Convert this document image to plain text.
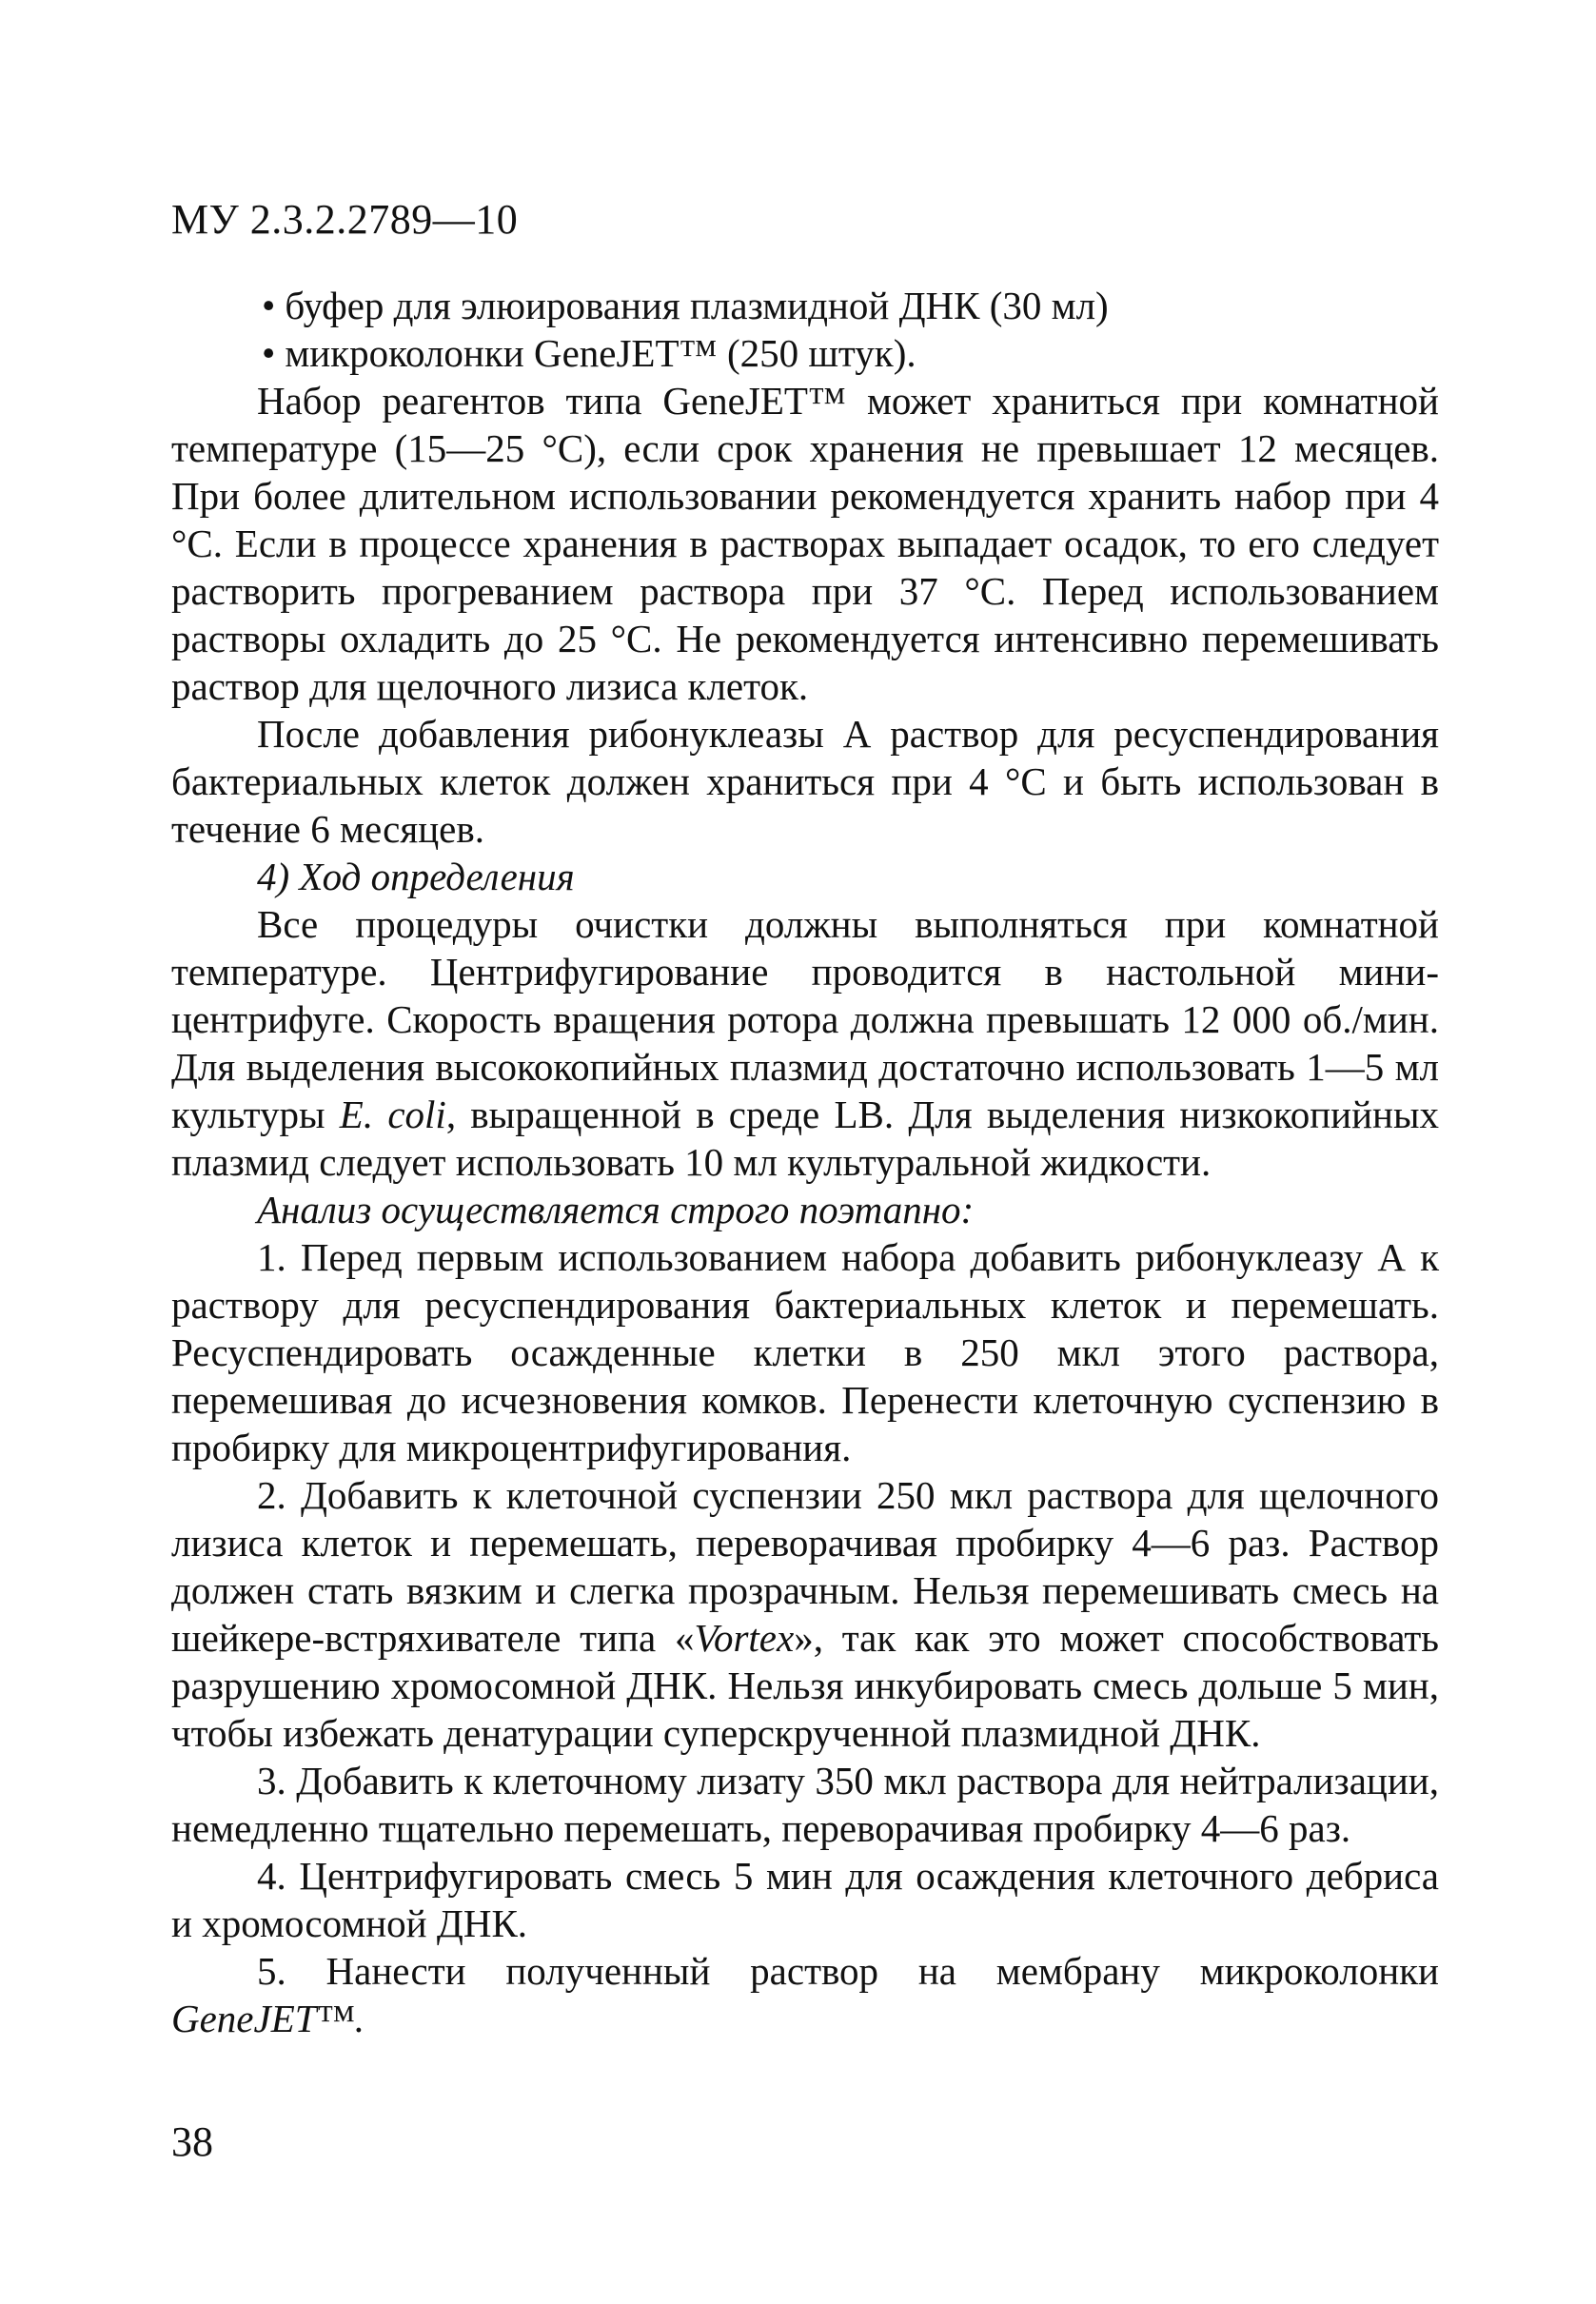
МУ 2.3.2.2789—10

• буфер для элюирования плазмидной ДНК (30 мл)

• микроколонки GeneJET™ (250 штук).

Набор реагентов типа GeneJET™ может храниться при комнатной температуре (15—25 °С), если срок хранения не превышает 12 месяцев. При более длительном использовании рекомендуется хранить набор при 4 °С. Если в процессе хранения в растворах выпадает осадок, то его следует растворить прогреванием раствора при 37 °С. Перед использованием растворы охладить до 25 °С. Не рекомендуется интенсивно перемешивать раствор для щелочного лизиса клеток.

После добавления рибонуклеазы А раствор для ресуспендирования бактериальных клеток должен храниться при 4 °С и быть использован в течение 6 месяцев.

4) Ход определения

Все процедуры очистки должны выполняться при комнатной температуре. Центрифугирование проводится в настольной мини-центрифуге. Скорость вращения ротора должна превышать 12 000 об./мин. Для выделения высококопийных плазмид достаточно использовать 1—5 мл культуры E. coli, выращенной в среде LB. Для выделения низкокопийных плазмид следует использовать 10 мл культуральной жидкости.

Анализ осуществляется строго поэтапно:

1. Перед первым использованием набора добавить рибонуклеазу А к раствору для ресуспендирования бактериальных клеток и перемешать. Ресуспендировать осажденные клетки в 250 мкл этого раствора, перемешивая до исчезновения комков. Перенести клеточную суспензию в пробирку для микроцентрифугирования.

2. Добавить к клеточной суспензии 250 мкл раствора для щелочного лизиса клеток и перемешать, переворачивая пробирку 4—6 раз. Раствор должен стать вязким и слегка прозрачным. Нельзя перемешивать смесь на шейкере-встряхивателе типа «Vortex», так как это может способствовать разрушению хромосомной ДНК. Нельзя инкубировать смесь дольше 5 мин, чтобы избежать денатурации суперскрученной плазмидной ДНК.

3. Добавить к клеточному лизату 350 мкл раствора для нейтрализации, немедленно тщательно перемешать, переворачивая пробирку 4—6 раз.

4. Центрифугировать смесь 5 мин для осаждения клеточного дебриса и хромосомной ДНК.

5. Нанести полученный раствор на мембрану микроколонки GeneJET™.

38
